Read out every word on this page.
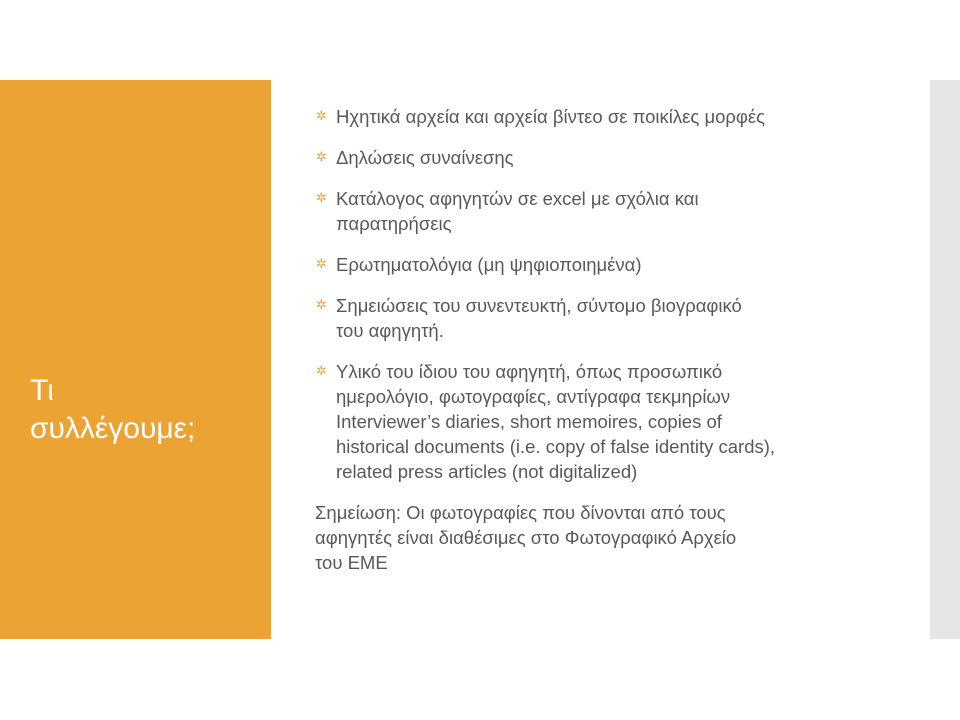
Τι
συλλέγουμε;
✲ Ηχητικά αρχεία και αρχεία βίντεο σε ποικίλες μορφές
✲ Δηλώσεις συναίνεσης
✲ Κατάλογος αφηγητών σε excel με σχόλια και
παρατηρήσεις
✲ Ερωτηματολόγια (μη ψηφιοποιημένα)
✲ Σημειώσεις του συνεντευκτή, σύντομο βιογραφικό
του αφηγητή.
✲ Υλικό του ίδιου του αφηγητή, όπως προσωπικό
ημερολόγιο, φωτογραφίες, αντίγραφα τεκμηρίων
Interviewer’s diaries, short memoires, copies of
historical documents (i.e. copy of false identity cards),
related press articles (not digitalized)
Σημείωση: Οι φωτογραφίες που δίνονται από τους
αφηγητές είναι διαθέσιμες στο Φωτογραφικό Αρχείο
του ΕΜΕ
